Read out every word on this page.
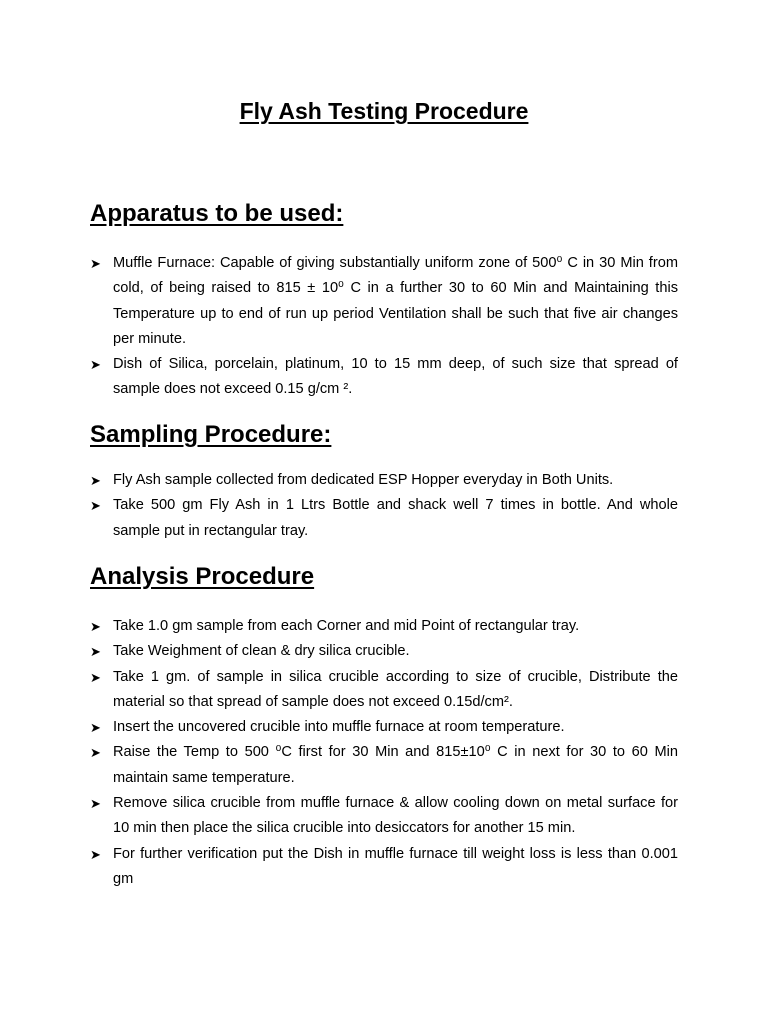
Fly Ash Testing Procedure
Apparatus to be used:
➤ Muffle Furnace: Capable of giving substantially uniform zone of 500⁰ C in 30 Min from cold, of being raised to 815 ± 10⁰ C in a further 30 to 60 Min and Maintaining this Temperature up to end of run up period Ventilation shall be such that five air changes per minute.
➤ Dish of Silica, porcelain, platinum, 10 to 15 mm deep, of such size that spread of sample does not exceed 0.15 g/cm ².
Sampling Procedure:
➤ Fly Ash sample collected from dedicated ESP Hopper everyday in Both Units.
➤ Take 500 gm Fly Ash in 1 Ltrs Bottle and shack well 7 times in bottle. And whole sample put in rectangular tray.
Analysis Procedure
➤ Take 1.0 gm sample from each Corner and mid Point of rectangular tray.
➤ Take Weighment of clean & dry silica crucible.
➤ Take 1 gm. of sample in silica crucible according to size of crucible, Distribute the material so that spread of sample does not exceed 0.15d/cm².
➤ Insert the uncovered crucible into muffle furnace at room temperature.
➤ Raise the Temp to 500 ⁰C first for 30 Min and 815±10⁰ C in next for 30 to 60 Min maintain same temperature.
➤ Remove silica crucible from muffle furnace & allow cooling down on metal surface for 10 min then place the silica crucible into desiccators for another 15 min.
➤ For further verification put the Dish in muffle furnace till weight loss is less than 0.001 gm
